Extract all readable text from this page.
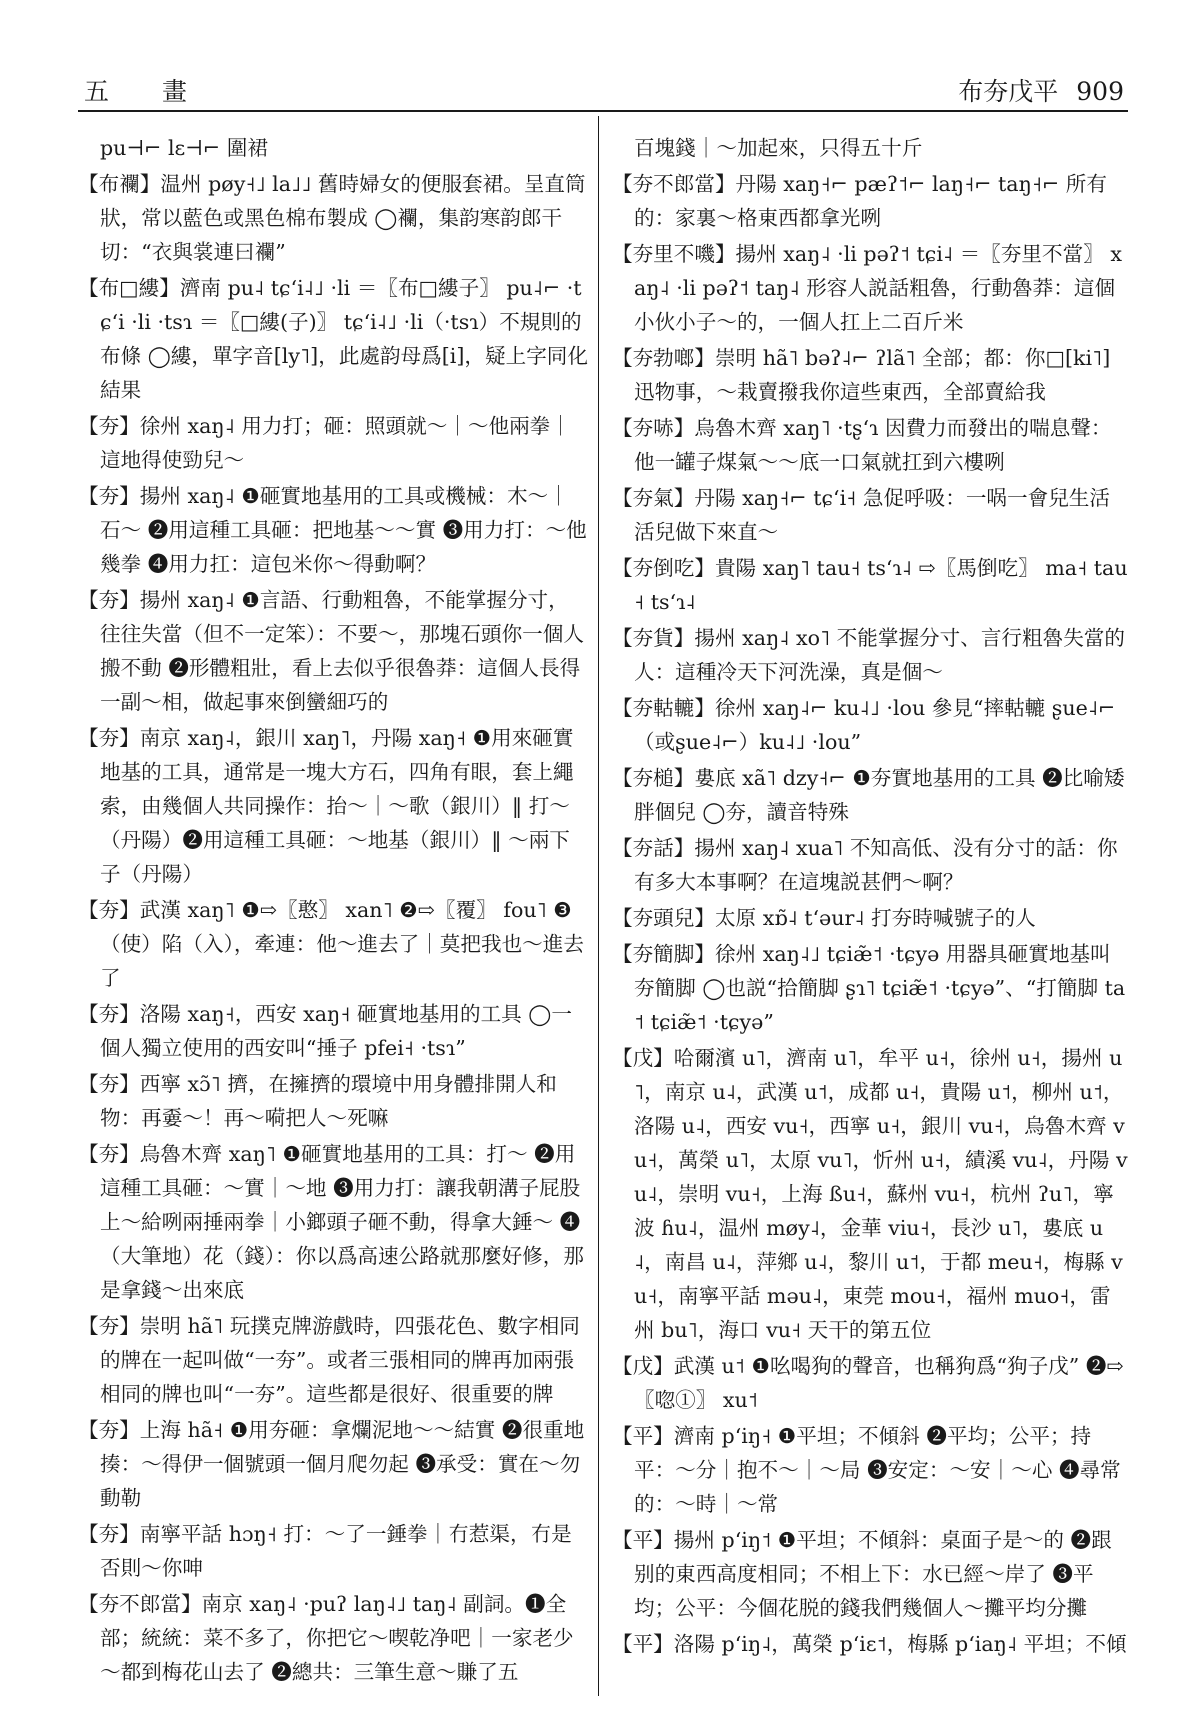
五　畫	布夯戊平 909
pu⊣⌐ lɛ⊣⌐ 圍裙
【布襴】温州 pøy˧˩ la˩˩ 舊時婦女的便服套裙。呈直筒狀，常以藍色或黑色棉布製成 ◯襴，集韵寒韵郎干切：“衣與裳連曰襴”
【布□縷】濟南 pu˨ tɕʻi˨˩ ·li ＝〖布□縷子〗 pu˨⌐ ·tɕʻi ·li ·tsɿ ＝〖□縷(子)〗 tɕʻi˨˩ ·li（·tsɿ）不規則的布條 ◯縷，單字音[ly˥]，此處韵母爲[i]，疑上字同化結果
【夯】徐州 xaŋ˨ 用力打；砸：照頭就～｜～他兩拳｜這地得使勁兒～
【夯】揚州 xaŋ˨ ❶砸實地基用的工具或機械：木～｜石～ ❷用這種工具砸：把地基～～實 ❸用力打：～他幾拳 ❹用力扛：這包米你～得動啊？
【夯】揚州 xaŋ˨ ❶言語、行動粗魯，不能掌握分寸，往往失當（但不一定笨）：不要～，那塊石頭你一個人搬不動 ❷形體粗壯，看上去似乎很魯莽：這個人長得一副～相，做起事來倒蠻細巧的
【夯】南京 xaŋ˨，銀川 xaŋ˥，丹陽 xaŋ˧ ❶用來砸實地基的工具，通常是一塊大方石，四角有眼，套上繩索，由幾個人共同操作：抬～｜～歌（銀川）‖ 打～（丹陽）❷用這種工具砸：～地基（銀川）‖ ～兩下子（丹陽）
【夯】武漢 xaŋ˥ ❶⇨〖憨〗 xan˥ ❷⇨〖覆〗 fou˥ ❸（使）陷（入），牽連：他～進去了｜莫把我也～進去了
【夯】洛陽 xaŋ˧，西安 xaŋ˧ 砸實地基用的工具 ◯一個人獨立使用的西安叫“捶子 pfei˧ ·tsɿ”
【夯】西寧 xɔ̃˥ 擠，在擁擠的環境中用身體排開人和物：再嫑～！再～嗬把人～死嘛
【夯】烏魯木齊 xaŋ˥ ❶砸實地基用的工具：打～ ❷用這種工具砸：～實｜～地 ❸用力打：讓我朝溝子屁股上～給咧兩捶兩拳｜小鎯頭子砸不動，得拿大錘～ ❹（大筆地）花（錢）：你以爲高速公路就那麼好修，那是拿錢～出來底
【夯】崇明 hã˥ 玩撲克牌游戲時，四張花色、數字相同的牌在一起叫做“一夯”。或者三張相同的牌再加兩張相同的牌也叫“一夯”。這些都是很好、很重要的牌
【夯】上海 hã˧ ❶用夯砸：拿爛泥地～～結實 ❷很重地揍：～得伊一個號頭一個月爬勿起 ❸承受：實在～勿動勒
【夯】南寧平話 hɔŋ˧ 打：～了一錘拳｜冇惹渠，冇是否則～你呻
【夯不郎當】南京 xaŋ˨ ·puʔ laŋ˨˩ taŋ˨ 副詞。❶全部；統統：菜不多了，你把它～喫乾净吧｜一家老少～都到梅花山去了 ❷總共：三筆生意～賺了五
百塊錢｜～加起來，只得五十斤
【夯不郎當】丹陽 xaŋ˧⌐ pæʔ˦⌐ laŋ˧⌐ taŋ˧⌐ 所有的：家裏～格東西都拿光咧
【夯里不嘰】揚州 xaŋ˨ ·li pəʔ˦ tɕi˨ ＝〖夯里不當〗 xaŋ˨ ·li pəʔ˦ taŋ˨ 形容人説話粗魯，行動魯莽：這個小伙小子～的，一個人扛上二百斤米
【夯勃啷】崇明 hã˥ bəʔ˨⌐ ʔlã˥ 全部；都：你□[ki˥]迅物事，～栽賣撥我你這些東西，全部賣給我
【夯哧】烏魯木齊 xaŋ˥ ·tʂʻɿ 因費力而發出的喘息聲：他一罐子煤氣～～底一口氣就扛到六樓咧
【夯氣】丹陽 xaŋ˧⌐ tɕʻi˧ 急促呼吸：一㖞一會兒生活活兒做下來直～
【夯倒吃】貴陽 xaŋ˥ tau˧ tsʻɿ˨ ⇨〖馬倒吃〗 ma˧ tau˧ tsʻɿ˨
【夯貨】揚州 xaŋ˨ xo˥ 不能掌握分寸、言行粗魯失當的人：這種冷天下河洗澡，真是個～
【夯軲轆】徐州 xaŋ˨⌐ ku˨˩ ·lou 參見“摔軲轆 ʂue˨⌐（或ʂue˨⌐）ku˨˩ ·lou”
【夯槌】婁底 xã˥ dzy˧⌐ ❶夯實地基用的工具 ❷比喻矮胖個兒 ◯夯，讀音特殊
【夯話】揚州 xaŋ˨ xua˥ 不知高低、没有分寸的話：你有多大本事啊？在這塊説甚們～啊？
【夯頭兒】太原 xɒ̃˨ tʻəur˨ 打夯時喊號子的人
【夯簡脚】徐州 xaŋ˨˩ tɕiæ̃˦ ·tɕyə 用器具砸實地基叫夯簡脚 ◯也説“拾簡脚 ʂɿ˥ tɕiæ̃˦ ·tɕyə”、“打簡脚 ta˦ tɕiæ̃˦ ·tɕyə”
【戊】哈爾濱 u˥，濟南 u˥，牟平 u˧，徐州 u˧，揚州 u˥，南京 u˨，武漢 u˦，成都 u˧，貴陽 u˦，柳州 u˦，洛陽 u˨，西安 vu˧，西寧 u˧，銀川 vu˧，烏魯木齊 vu˧，萬榮 u˥，太原 vu˥，忻州 u˧，績溪 vu˨，丹陽 vu˨，崇明 vu˧，上海 ßu˧，蘇州 vu˧，杭州 ʔu˥，寧波 ɦu˨，温州 møy˨，金華 viu˧，長沙 u˥，婁底 u˨，南昌 u˨，萍鄉 u˨，黎川 u˦，于都 meu˧，梅縣 vu˧，南寧平話 məu˨，東莞 mou˧，福州 muo˧，雷州 bu˥，海口 vu˧ 天干的第五位
【戊】武漢 u˦ ❶吆喝狗的聲音，也稱狗爲“狗子戊” ❷⇨〖唿①〗 xu˦
【平】濟南 pʻiŋ˧ ❶平坦；不傾斜 ❷平均；公平；持平：～分｜抱不～｜～局 ❸安定：～安｜～心 ❹尋常的：～時｜～常
【平】揚州 pʻiŋ˦ ❶平坦；不傾斜：桌面子是～的 ❷跟别的東西高度相同；不相上下：水已經～岸了 ❸平均；公平：今個花脱的錢我們幾個人～攤平均分攤
【平】洛陽 pʻiŋ˨，萬榮 pʻiɛ˦，梅縣 pʻiaŋ˨ 平坦；不傾
